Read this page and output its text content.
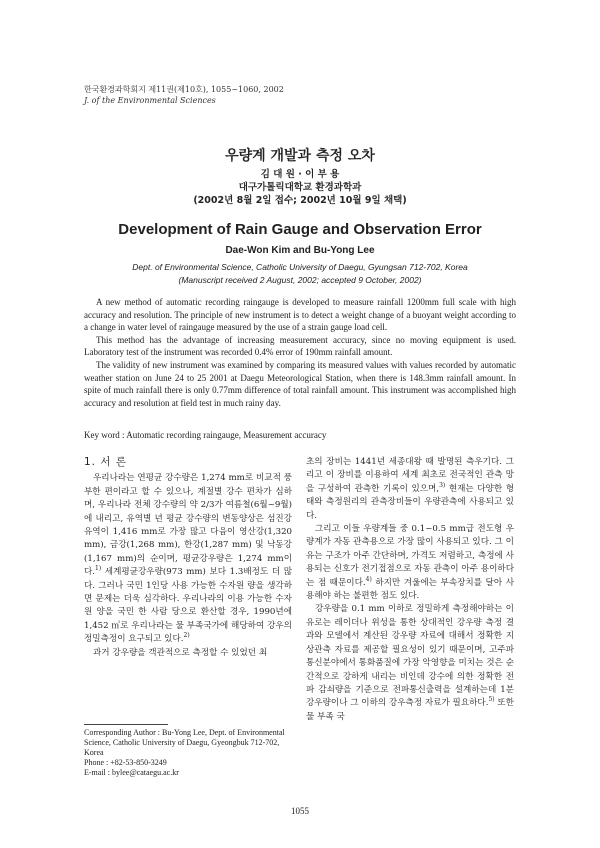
한국환경과학회지 제11권(제10호), 1055~1060, 2002
J. of the Environmental Sciences
우량계 개발과 측정 오차
김 대 원 · 이 부 용
대구가톨릭대학교 환경과학과
(2002년 8월 2일 접수; 2002년 10월 9일 채택)
Development of Rain Gauge and Observation Error
Dae-Won Kim and Bu-Yong Lee
Dept. of Environmental Science, Catholic University of Daegu, Gyungsan 712-702, Korea
(Manuscript received 2 August, 2002; accepted 9 October, 2002)

A new method of automatic recording raingauge is developed to measure rainfall 1200mm full scale with high accuracy and resolution. The principle of new instrument is to detect a weight change of a buoyant weight according to a change in water level of raingauge measured by the use of a strain gauge load cell.

This method has the advantage of increasing measurement accuracy, since no moving equipment is used. Laboratory test of the instrument was recorded 0.4% error of 190mm rainfall amount.

The validity of new instrument was examined by comparing its measured values with values recorded by automatic weather station on June 24 to 25 2001 at Daegu Meteorological Station, when there is 148.3mm rainfall amount. In spite of much rainfall there is only 0.77mm difference of total rainfall amount. This instrument was accomplished high accuracy and resolution at field test in much rainy day.

Key word : Automatic recording raingauge, Measurement accuracy
1. 서 론

우리나라는 연평균 강수량은 1,274 mm로 비교적 풍부한 편이라고 할 수 있으나, 계절별 강수 편차가 심하며, 우리나라 전체 강수량의 약 2/3가 여름철(6월~9월)에 내리고, 유역별 년 평균 강수량의 변동양상은 섬진강 유역이 1,416 mm로 가장 많고 다음이 영산강(1,320 mm), 금강(1,268 mm), 한강(1,287 mm) 및 낙동강(1,167 mm)의 순이며, 평균강우량은 1,274 mm이다.$^{1)}$ 세계평균강우량(973 mm) 보다 1.3배정도 더 많다. 그러나 국민 1인당 사용 가능한 수자원 량을 생각하면 문제는 더욱 심각하다. 우리나라의 이용 가능한 수자원 양을 국민 한 사람 당으로 환산할 경우, 1990년에 1,452 ㎥로 우리나라는 물 부족국가에 해당하여 강우의 정밀측정이 요구되고 있다.$^{2)}$

과거 강우량을 객관적으로 측정할 수 있었던 최

초의 장비는 1441년 세종대왕 때 발명된 측우기다. 그리고 이 장비를 이용하여 세계 최초로 전국적인 관측 망을 구성하여 관측한 기록이 있으며,$^{3)}$ 현재는 다양한 형태와 측정원리의 관측장비들이 우량관측에 사용되고 있다.

그리고 이들 우량계들 중 0.1~0.5 mm급 전도형 우량계가 자동 관측용으로 가장 많이 사용되고 있다. 그 이유는 구조가 아주 간단하며, 가격도 저렴하고, 측정에 사용되는 신호가 전기접점으로 자동 관측이 아주 용이하다는 점 때문이다.$^{4)}$ 하지만 겨울에는 부속장치를 달아 사용해야 하는 불편한 점도 있다.

강우량을 0.1 mm 이하로 정밀하게 측정해야하는 이유로는 레이더나 위성을 통한 상대적인 강우량 측정 결과와 모델에서 계산된 강우량 자료에 대해서 정확한 지상관측 자료를 제공할 필요성이 있기 때문이며, 고주파통신분야에서 통화품질에 가장 악영향을 미치는 것은 순간적으로 강하게 내리는 비인데 강수에 의한 정확한 전파 감쇠량을 기준으로 전파통신출력을 설계하는데 1분 강우량이나 그 이하의 강우측정 자료가 필요하다.$^{5)}$ 또한 물 부족 국

Corresponding Author : Bu-Yong Lee, Dept. of Environmental Science, Catholic University of Daegu, Gyeongbuk 712-702, Korea
Phone : +82-53-850-3249
E-mail : bylee@cataegu.ac.kr
1055
